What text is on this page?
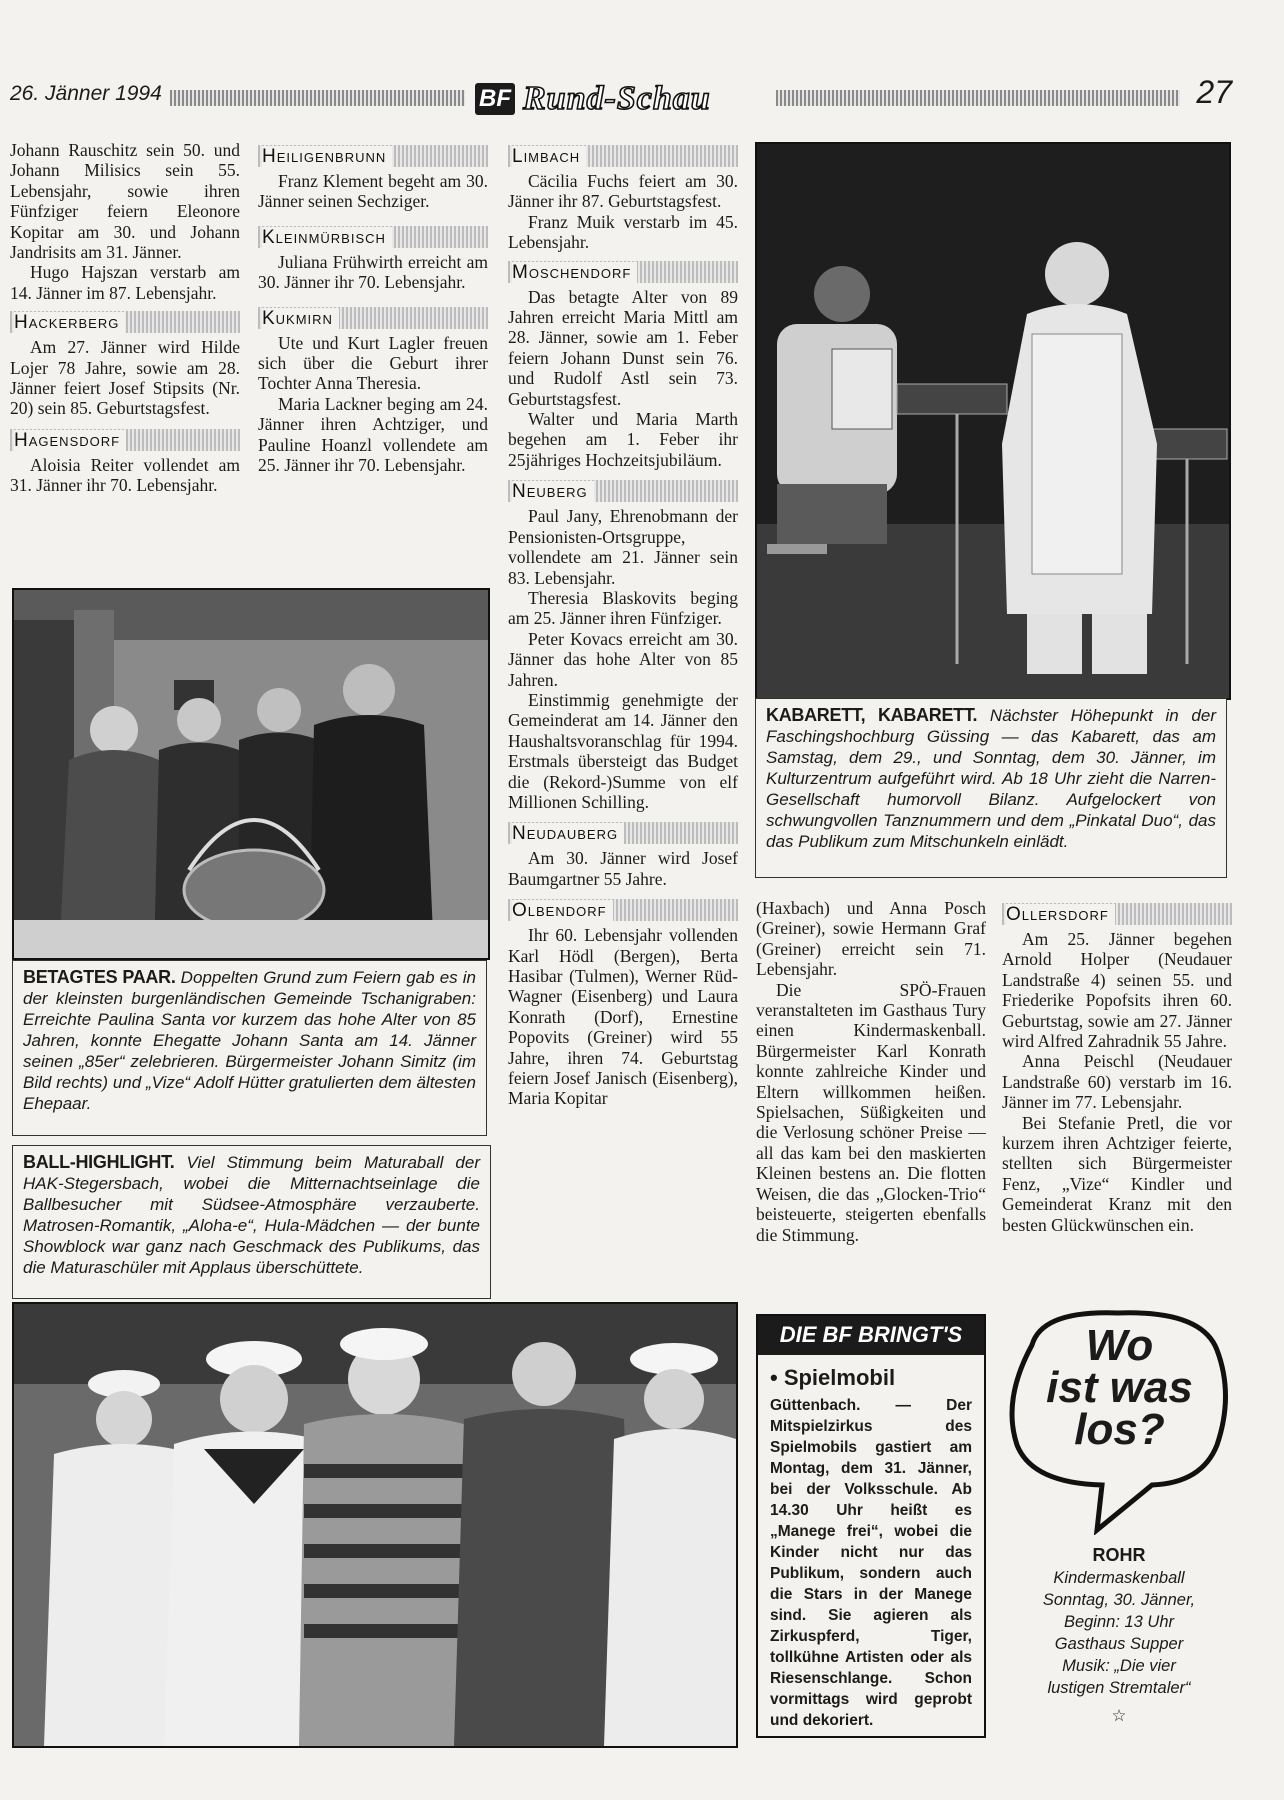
26. Jänner 1994	BF Rund-Schau	27

Johann Rauschitz sein 50. und Johann Milisics sein 55. Lebensjahr, sowie ihren Fünfziger feiern Eleonore Kopitar am 30. und Johann Jandrisits am 31. Jänner.

Hugo Hajszan verstarb am 14. Jänner im 87. Lebensjahr.

Hackerberg

Am 27. Jänner wird Hilde Lojer 78 Jahre, sowie am 28. Jänner feiert Josef Stipsits (Nr. 20) sein 85. Geburtstagsfest.

Hagensdorf

Aloisia Reiter vollendet am 31. Jänner ihr 70. Lebensjahr.

Heiligenbrunn

Franz Klement begeht am 30. Jänner seinen Sechziger.

Kleinmürbisch

Juliana Frühwirth erreicht am 30. Jänner ihr 70. Lebensjahr.

Kukmirn

Ute und Kurt Lagler freuen sich über die Geburt ihrer Tochter Anna Theresia.

Maria Lackner beging am 24. Jänner ihren Achtziger, und Pauline Hoanzl vollendete am 25. Jänner ihr 70. Lebensjahr.

Limbach

Cäcilia Fuchs feiert am 30. Jänner ihr 87. Geburtstagsfest.

Franz Muik verstarb im 45. Lebensjahr.

Moschendorf

Das betagte Alter von 89 Jahren erreicht Maria Mittl am 28. Jänner, sowie am 1. Feber feiern Johann Dunst sein 76. und Rudolf Astl sein 73. Geburtstagsfest.

Walter und Maria Marth begehen am 1. Feber ihr 25jähriges Hochzeitsjubiläum.

Neuberg

Paul Jany, Ehrenobmann der Pensionisten-Ortsgruppe, vollendete am 21. Jänner sein 83. Lebensjahr.

Theresia Blaskovits beging am 25. Jänner ihren Fünfziger.

Peter Kovacs erreicht am 30. Jänner das hohe Alter von 85 Jahren.

Einstimmig genehmigte der Gemeinderat am 14. Jänner den Haushaltsvoranschlag für 1994. Erstmals übersteigt das Budget die (Rekord-)Summe von elf Millionen Schilling.

Neudauberg

Am 30. Jänner wird Josef Baumgartner 55 Jahre.

Olbendorf

Ihr 60. Lebensjahr vollenden Karl Hödl (Bergen), Berta Hasibar (Tulmen), Werner Rüd-Wagner (Eisenberg) und Laura Konrath (Dorf), Ernestine Popovits (Greiner) wird 55 Jahre, ihren 74. Geburtstag feiern Josef Janisch (Eisenberg), Maria Kopitar

KABARETT, KABARETT. Nächster Höhepunkt in der Faschingshochburg Güssing — das Kabarett, das am Samstag, dem 29., und Sonntag, dem 30. Jänner, im Kulturzentrum aufgeführt wird. Ab 18 Uhr zieht die Narren-Gesellschaft humorvoll Bilanz. Aufgelockert von schwungvollen Tanznummern und dem „Pinkatal Duo“, das das Publikum zum Mitschunkeln einlädt.
BETAGTES PAAR. Doppelten Grund zum Feiern gab es in der kleinsten burgenländischen Gemeinde Tschanigraben: Erreichte Paulina Santa vor kurzem das hohe Alter von 85 Jahren, konnte Ehegatte Johann Santa am 14. Jänner seinen „85er“ zelebrieren. Bürgermeister Johann Simitz (im Bild rechts) und „Vize“ Adolf Hütter gratulierten dem ältesten Ehepaar.
BALL-HIGHLIGHT. Viel Stimmung beim Maturaball der HAK-Stegersbach, wobei die Mitternachtseinlage die Ballbesucher mit Südsee-Atmosphäre verzauberte. Matrosen-Romantik, „Aloha-e“, Hula-Mädchen — der bunte Showblock war ganz nach Geschmack des Publikums, das die Maturaschüler mit Applaus überschüttete.

(Haxbach) und Anna Posch (Greiner), sowie Hermann Graf (Greiner) erreicht sein 71. Lebensjahr.

Die SPÖ-Frauen veranstalteten im Gasthaus Tury einen Kindermaskenball. Bürgermeister Karl Konrath konnte zahlreiche Kinder und Eltern willkommen heißen. Spielsachen, Süßigkeiten und die Verlosung schöner Preise — all das kam bei den maskierten Kleinen bestens an. Die flotten Weisen, die das „Glocken-Trio“ beisteuerte, steigerten ebenfalls die Stimmung.

Ollersdorf

Am 25. Jänner begehen Arnold Holper (Neudauer Landstraße 4) seinen 55. und Friederike Popofsits ihren 60. Geburtstag, sowie am 27. Jänner wird Alfred Zahradnik 55 Jahre.

Anna Peischl (Neudauer Landstraße 60) verstarb im 16. Jänner im 77. Lebensjahr.

Bei Stefanie Pretl, die vor kurzem ihren Achtziger feierte, stellten sich Bürgermeister Fenz, „Vize“ Kindler und Gemeinderat Kranz mit den besten Glückwünschen ein.

DIE BF BRINGT'S
• Spielmobil
Güttenbach. — Der Mitspielzirkus des Spielmobils gastiert am Montag, dem 31. Jänner, bei der Volksschule. Ab 14.30 Uhr heißt es „Manege frei“, wobei die Kinder nicht nur das Publikum, sondern auch die Stars in der Manege sind. Sie agieren als Zirkuspferd, Tiger, tollkühne Artisten oder als Riesenschlange. Schon vormittags wird geprobt und dekoriert.
Wo
ist was
los?
ROHR
Kindermaskenball
Sonntag, 30. Jänner,
Beginn: 13 Uhr
Gasthaus Supper
Musik: „Die vier
lustigen Stremtaler“
☆
